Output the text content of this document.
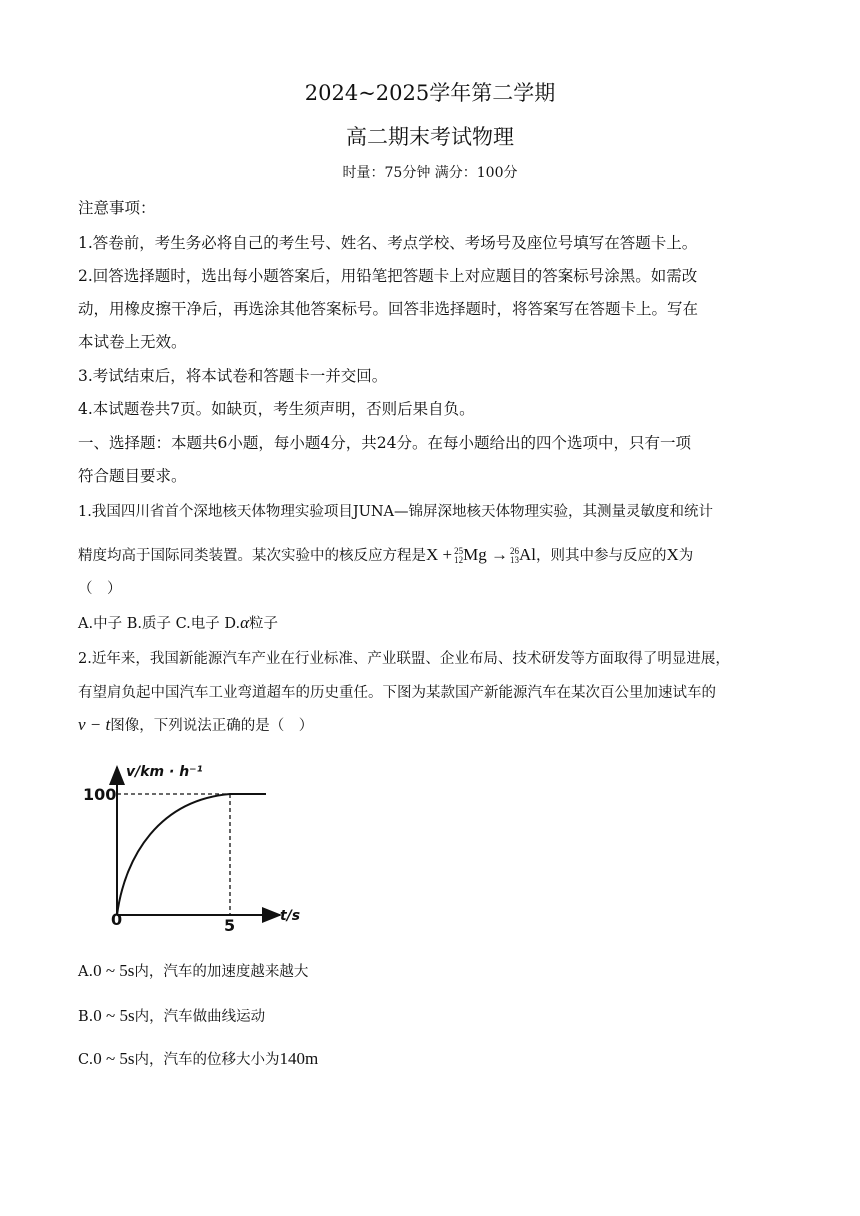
2024~2025学年第二学期
高二期末考试物理
时量：75分钟 满分：100分
注意事项：
1.答卷前，考生务必将自己的考生号、姓名、考点学校、考场号及座位号填写在答题卡上。
2.回答选择题时，选出每小题答案后，用铅笔把答题卡上对应题目的答案标号涂黑。如需改
动，用橡皮擦干净后，再选涂其他答案标号。回答非选择题时，将答案写在答题卡上。写在
本试卷上无效。
3.考试结束后，将本试卷和答题卡一并交回。
4.本试题卷共7页。如缺页，考生须声明，否则后果自负。
一、选择题：本题共6小题，每小题4分，共24分。在每小题给出的四个选项中，只有一项
符合题目要求。
1.我国四川省首个深地核天体物理实验项目JUNA—锦屏深地核天体物理实验，其测量灵敏度和统计
精度均高于国际同类装置。某次实验中的核反应方程是X + 25
12 Mg → 26
13 Al，则其中参与反应的X为
（　）
A.中子 B.质子 C.电子 D.α粒子
2.近年来，我国新能源汽车产业在行业标准、产业联盟、企业布局、技术研发等方面取得了明显进展，
有望肩负起中国汽车工业弯道超车的历史重任。下图为某款国产新能源汽车在某次百公里加速试车的
v − t图像，下列说法正确的是（　）
v/km · h⁻¹
t/s
100
5
0
A.0 ~ 5s内，汽车的加速度越来越大
B.0 ~ 5s内，汽车做曲线运动
C.0 ~ 5s内，汽车的位移大小为140m
